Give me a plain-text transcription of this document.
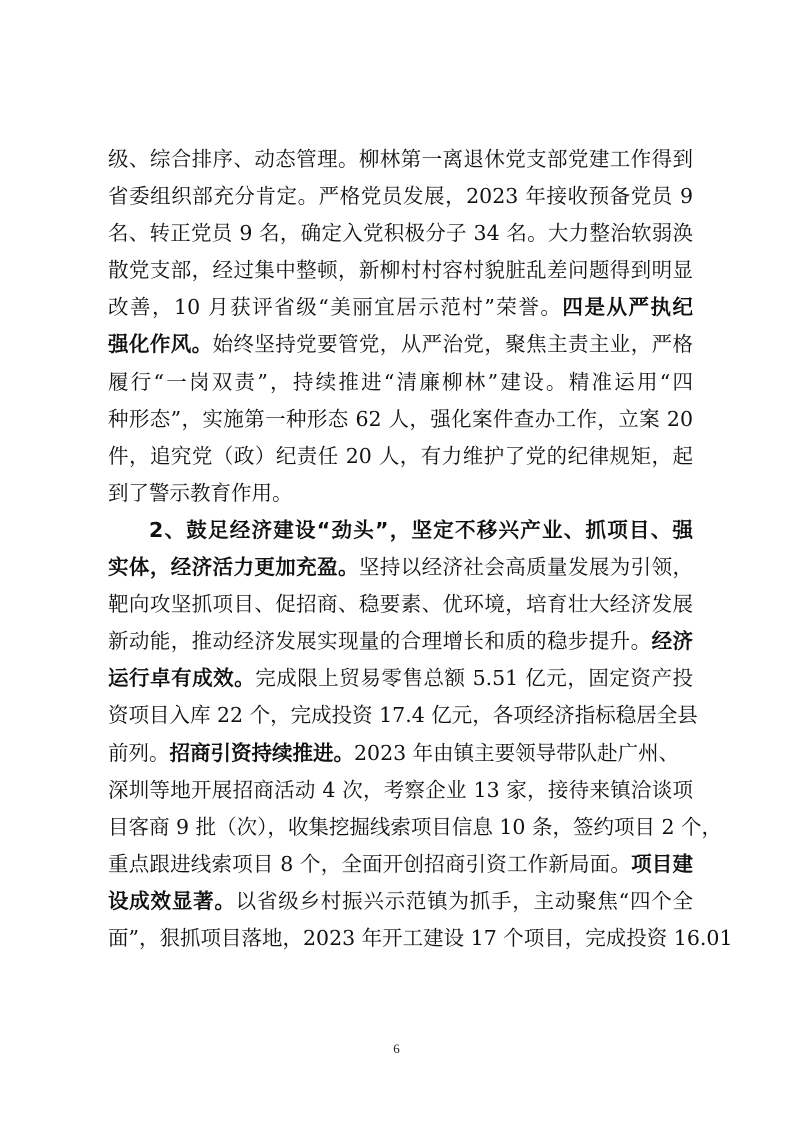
级、综合排序、动态管理。柳林第一离退休党支部党建工作得到
省委组织部充分肯定。严格党员发展，2023 年接收预备党员 9
名、转正党员 9 名，确定入党积极分子 34 名。大力整治软弱涣
散党支部，经过集中整顿，新柳村村容村貌脏乱差问题得到明显
改善，10 月获评省级“美丽宜居示范村”荣誉。四是从严执纪
强化作风。始终坚持党要管党，从严治党，聚焦主责主业，严格
履行“一岗双责”，持续推进“清廉柳林”建设。精准运用“四
种形态”，实施第一种形态 62 人，强化案件查办工作，立案 20
件，追究党（政）纪责任 20 人，有力维护了党的纪律规矩，起
到了警示教育作用。
2、鼓足经济建设“劲头”，坚定不移兴产业、抓项目、强
实体，经济活力更加充盈。坚持以经济社会高质量发展为引领，
靶向攻坚抓项目、促招商、稳要素、优环境，培育壮大经济发展
新动能，推动经济发展实现量的合理增长和质的稳步提升。经济
运行卓有成效。完成限上贸易零售总额 5.51 亿元，固定资产投
资项目入库 22 个，完成投资 17.4 亿元，各项经济指标稳居全县
前列。招商引资持续推进。2023 年由镇主要领导带队赴广州、
深圳等地开展招商活动 4 次，考察企业 13 家，接待来镇洽谈项
目客商 9 批（次），收集挖掘线索项目信息 10 条，签约项目 2 个，
重点跟进线索项目 8 个，全面开创招商引资工作新局面。项目建
设成效显著。以省级乡村振兴示范镇为抓手，主动聚焦“四个全
面”，狠抓项目落地，2023 年开工建设 17 个项目，完成投资 16.01
6
